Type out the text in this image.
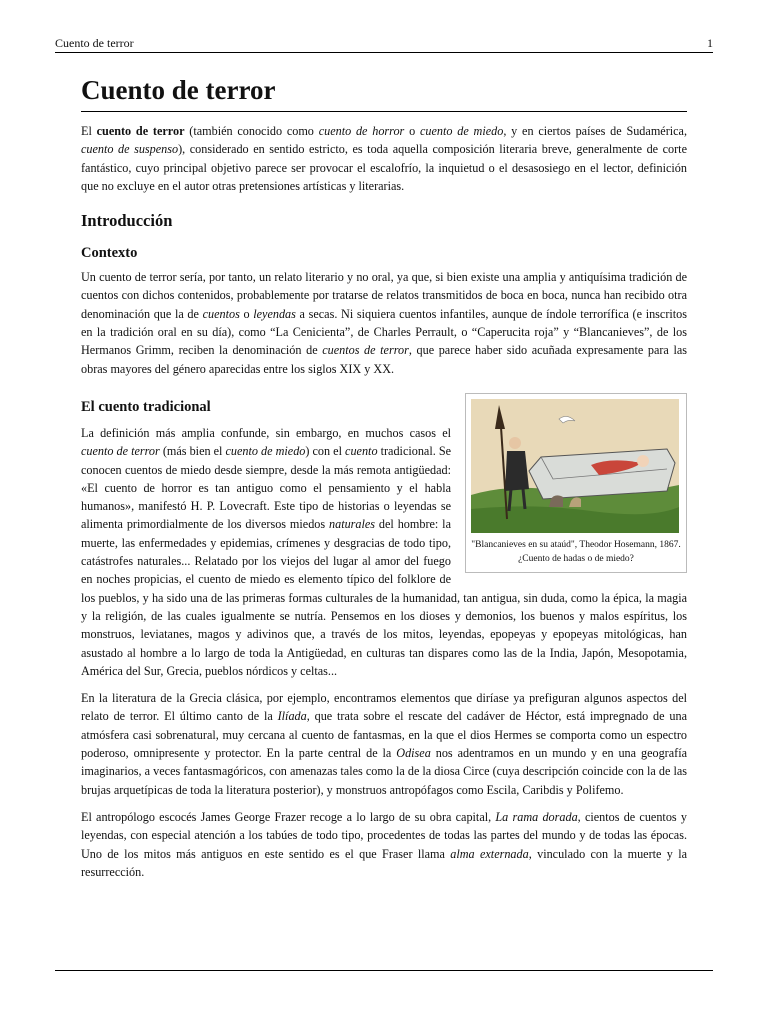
Cuento de terror	1
Cuento de terror

El cuento de terror (también conocido como cuento de horror o cuento de miedo, y en ciertos países de Sudamérica, cuento de suspenso), considerado en sentido estricto, es toda aquella composición literaria breve, generalmente de corte fantástico, cuyo principal objetivo parece ser provocar el escalofrío, la inquietud o el desasosiego en el lector, definición que no excluye en el autor otras pretensiones artísticas y literarias.

Introducción
Contexto

Un cuento de terror sería, por tanto, un relato literario y no oral, ya que, si bien existe una amplia y antiquísima tradición de cuentos con dichos contenidos, probablemente por tratarse de relatos transmitidos de boca en boca, nunca han recibido otra denominación que la de cuentos o leyendas a secas. Ni siquiera cuentos infantiles, aunque de índole terrorífica (e inscritos en la tradición oral en su día), como “La Cenicienta”, de Charles Perrault, o “Caperucita roja” y “Blancanieves”, de los Hermanos Grimm, reciben la denominación de cuentos de terror, que parece haber sido acuñada expresamente para las obras mayores del género aparecidas entre los siglos XIX y XX.

El cuento tradicional
"Blancanieves en su ataúd", Theodor Hosemann, 1867. ¿Cuento de hadas o de miedo?

La definición más amplia confunde, sin embargo, en muchos casos el cuento de terror (más bien el cuento de miedo) con el cuento tradicional. Se conocen cuentos de miedo desde siempre, desde la más remota antigüedad: «El cuento de horror es tan antiguo como el pensamiento y el habla humanos», manifestó H. P. Lovecraft. Este tipo de historias o leyendas se alimenta primordialmente de los diversos miedos naturales del hombre: la muerte, las enfermedades y epidemias, crímenes y desgracias de todo tipo, catástrofes naturales... Relatado por los viejos del lugar al amor del fuego en noches propicias, el cuento de miedo es elemento típico del folklore de los pueblos, y ha sido una de las primeras formas culturales de la humanidad, tan antigua, sin duda, como la épica, la magia y la religión, de las cuales igualmente se nutría. Pensemos en los dioses y demonios, los buenos y malos espíritus, los monstruos, leviatanes, magos y adivinos que, a través de los mitos, leyendas, epopeyas y epopeyas mitológicas, han asustado al hombre a lo largo de toda la Antigüedad, en culturas tan dispares como las de la India, Japón, Mesopotamia, América del Sur, Grecia, pueblos nórdicos y celtas...

En la literatura de la Grecia clásica, por ejemplo, encontramos elementos que diríase ya prefiguran algunos aspectos del relato de terror. El último canto de la Ilíada, que trata sobre el rescate del cadáver de Héctor, está impregnado de una atmósfera casi sobrenatural, muy cercana al cuento de fantasmas, en la que el dios Hermes se comporta como un espectro poderoso, omnipresente y protector. En la parte central de la Odisea nos adentramos en un mundo y en una geografía imaginarios, a veces fantasmagóricos, con amenazas tales como la de la diosa Circe (cuya descripción coincide con la de las brujas arquetípicas de toda la literatura posterior), y monstruos antropófagos como Escila, Caribdis y Polifemo.

El antropólogo escocés James George Frazer recoge a lo largo de su obra capital, La rama dorada, cientos de cuentos y leyendas, con especial atención a los tabúes de todo tipo, procedentes de todas las partes del mundo y de todas las épocas. Uno de los mitos más antiguos en este sentido es el que Fraser llama alma externada, vinculado con la muerte y la resurrección.
